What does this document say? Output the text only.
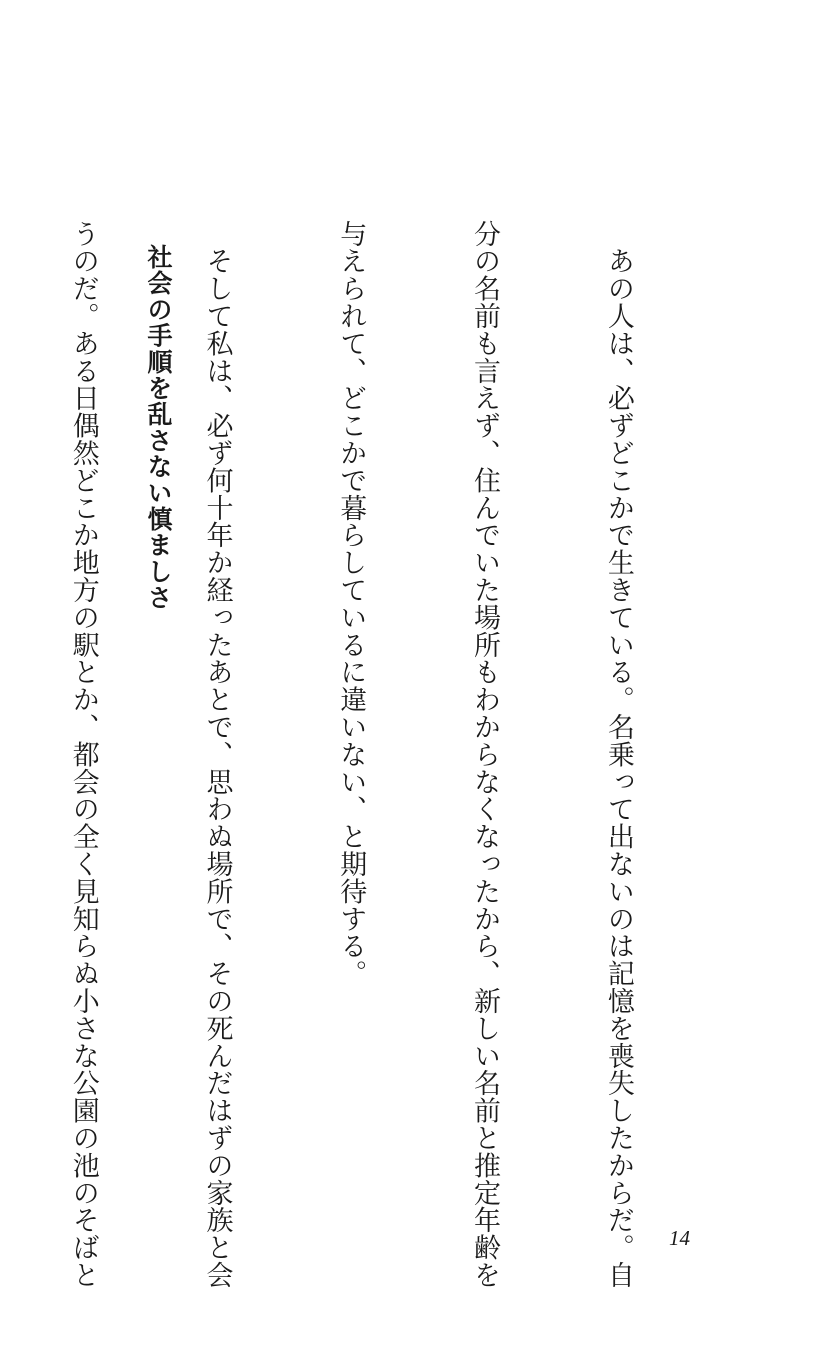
　あの人は、必ずどこかで生きている。名乗って出ないのは記憶を喪失したからだ。自

分の名前も言えず、住んでいた場所もわからなくなったから、新しい名前と推定年齢を

与えられて、どこかで暮らしているに違いない、と期待する。

　そして私は、必ず何十年か経ったあとで、思わぬ場所で、その死んだはずの家族と会

うのだ。ある日偶然どこか地方の駅とか、都会の全く見知らぬ小さな公園の池のそばと

社会の手順を乱さない慎ましさ
14
